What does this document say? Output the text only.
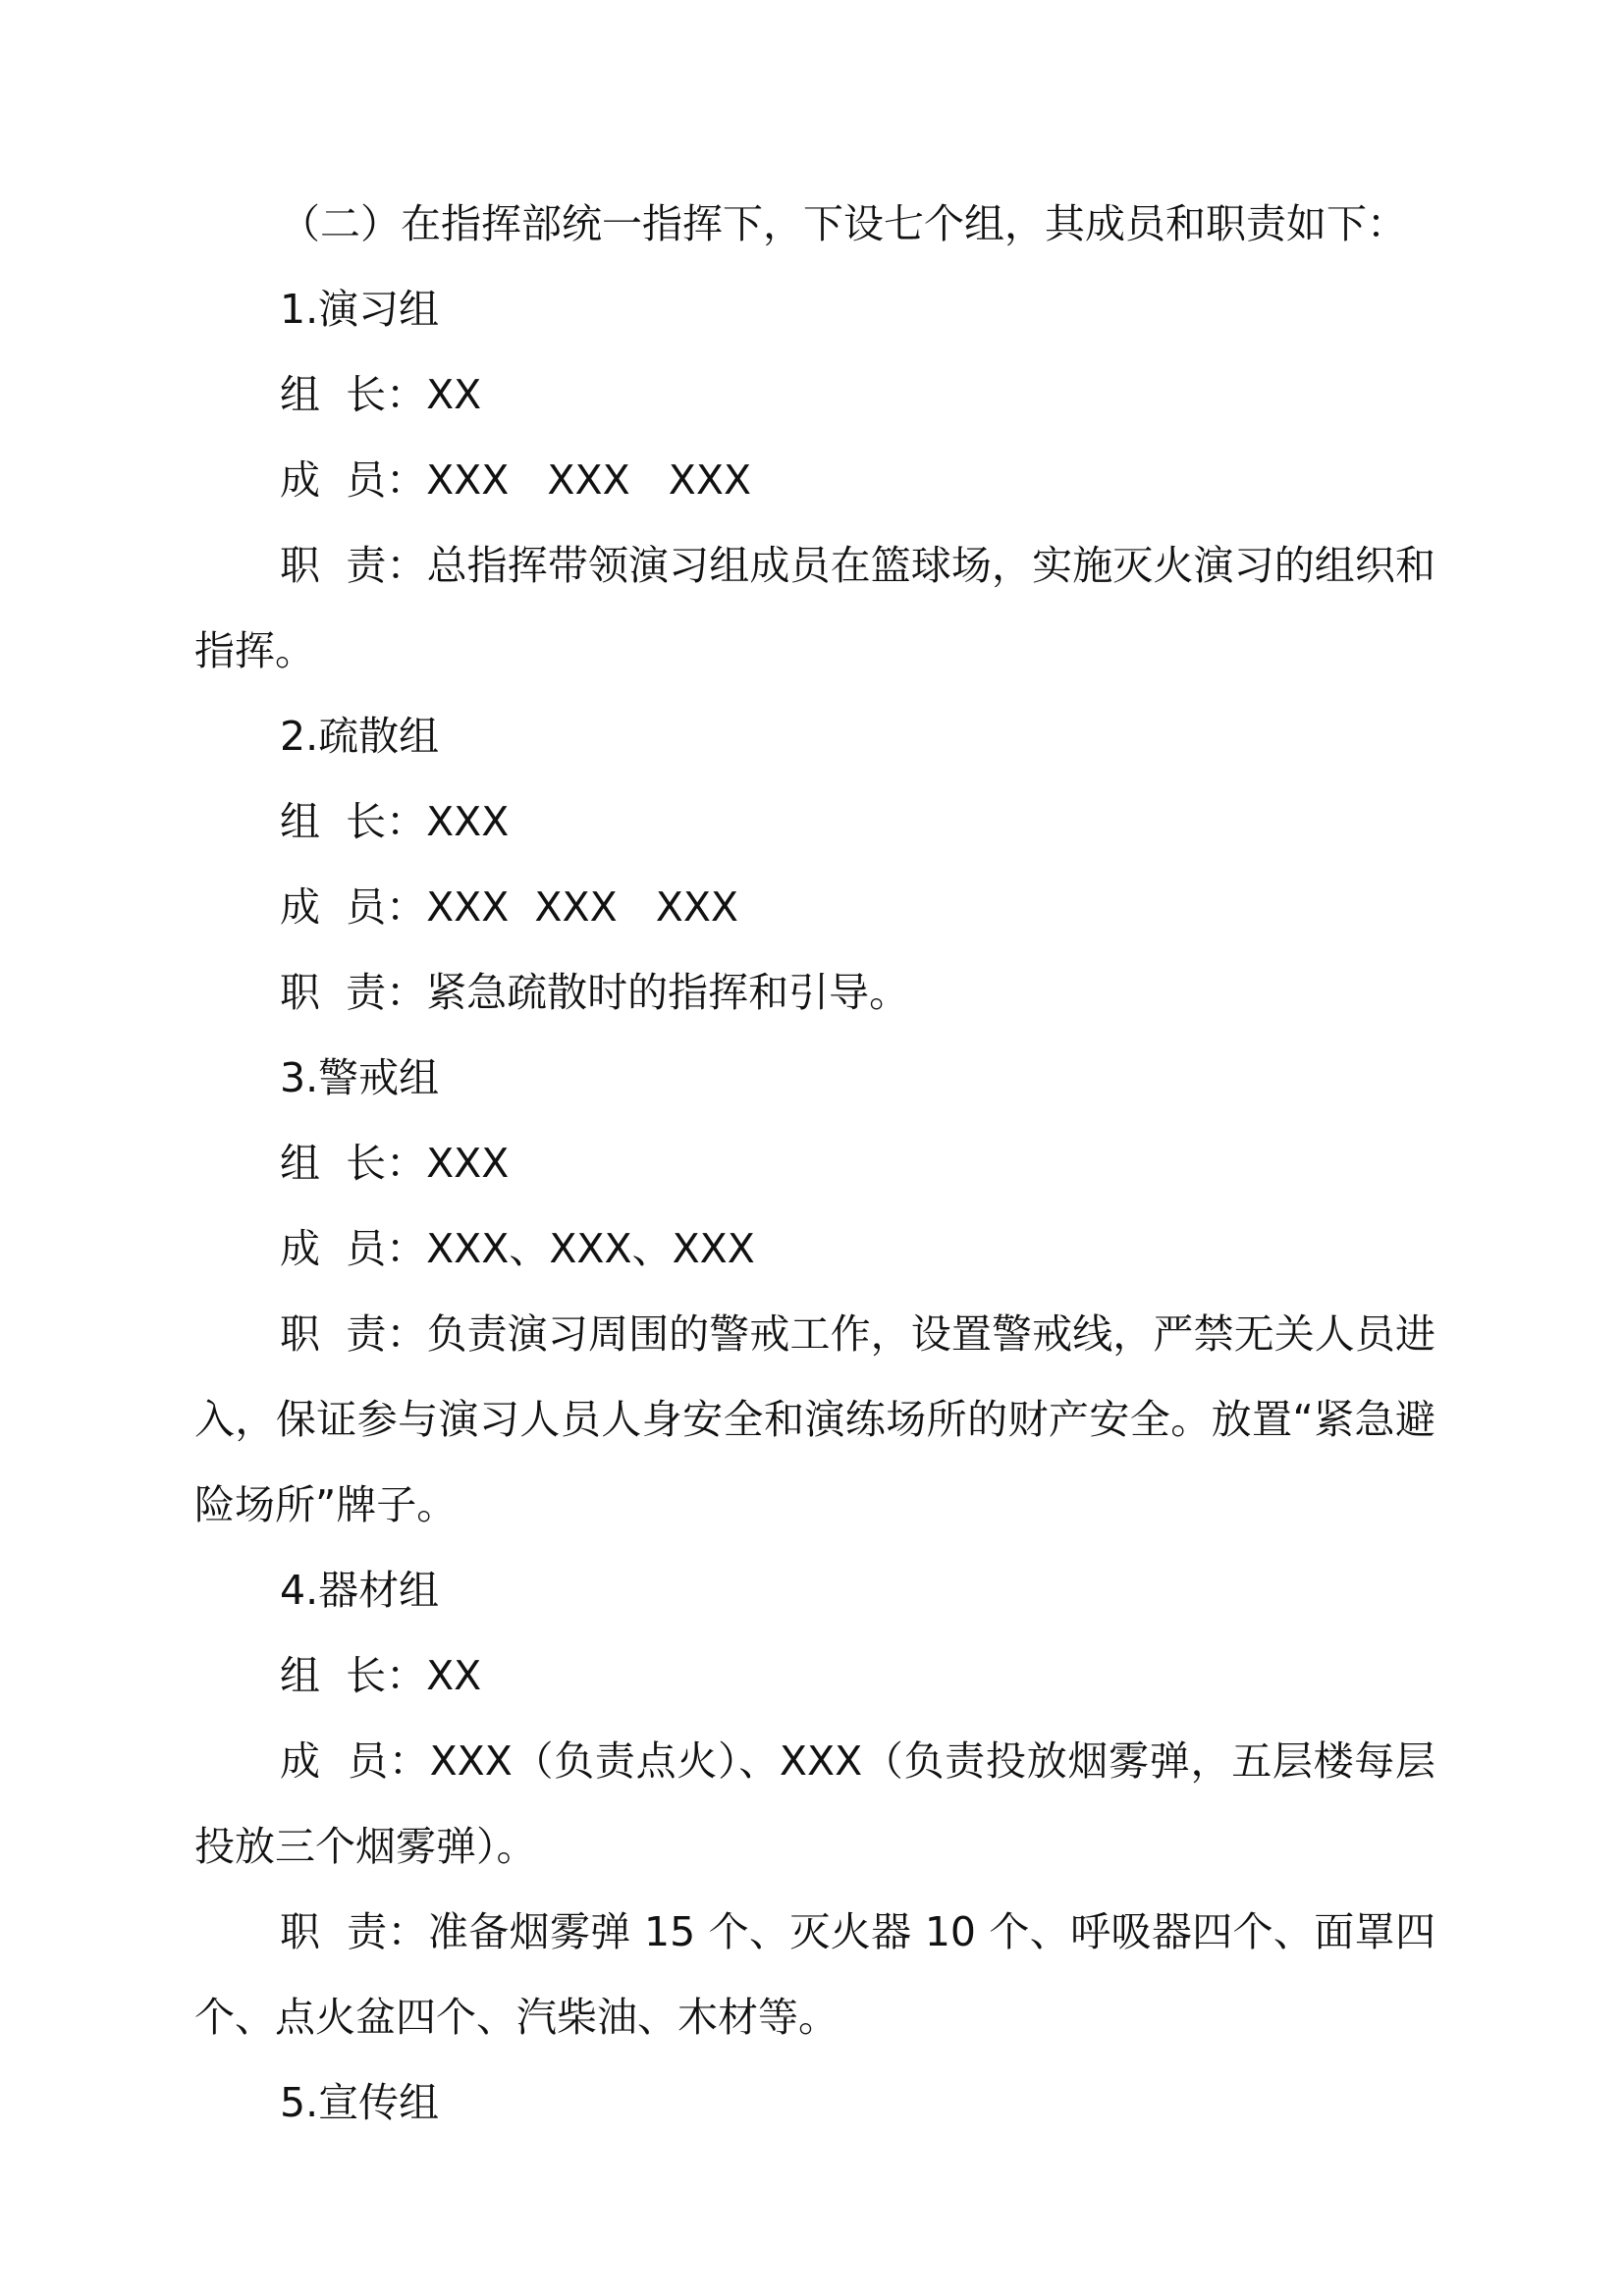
（二）在指挥部统一指挥下，下设七个组，其成员和职责如下：

1.演习组

组  长：XX

成  员：XXX   XXX   XXX

职  责：总指挥带领演习组成员在篮球场，实施灭火演习的组织和指挥。

2.疏散组

组  长：XXX

成  员：XXX  XXX   XXX

职  责：紧急疏散时的指挥和引导。

3.警戒组

组  长：XXX

成  员：XXX、XXX、XXX

职  责：负责演习周围的警戒工作，设置警戒线，严禁无关人员进入，保证参与演习人员人身安全和演练场所的财产安全。放置“紧急避险场所”牌子。

4.器材组

组  长：XX

成  员：XXX（负责点火）、XXX（负责投放烟雾弹，五层楼每层投放三个烟雾弹）。

职  责：准备烟雾弹 15 个、灭火器 10 个、呼吸器四个、面罩四个、点火盆四个、汽柴油、木材等。

5.宣传组
